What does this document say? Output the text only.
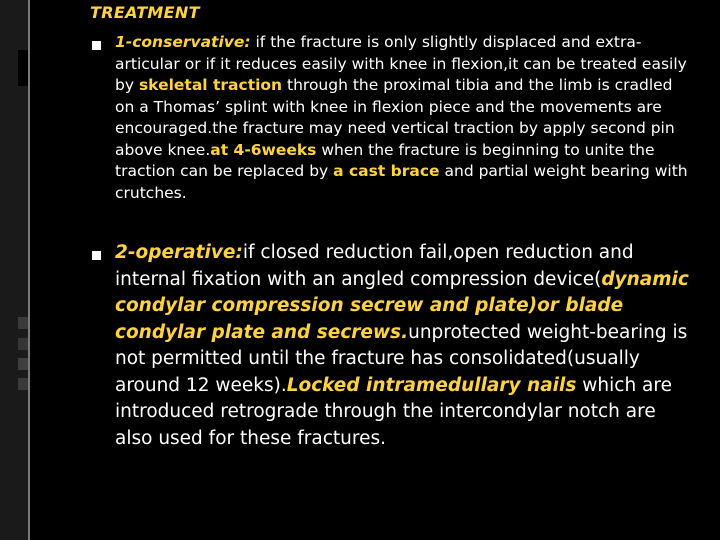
TREATMENT
1-conservative: if the fracture is only slightly displaced and extra-articular or if it reduces easily with knee in flexion,it can be treated easily by skeletal traction through the proximal tibia and the limb is cradled on a Thomas’ splint with knee in flexion piece and the movements are encouraged.the fracture may need vertical traction by apply second pin above knee.at 4-6weeks when the fracture is beginning to unite the traction can be replaced by a cast brace and partial weight bearing with crutches.
2-operative:if closed reduction fail,open reduction and internal fixation with an angled compression device(dynamic condylar compression secrew and plate)or blade condylar plate and secrews.unprotected weight-bearing is not permitted until the fracture has consolidated(usually around 12 weeks).Locked intramedullary nails which are introduced retrograde through the intercondylar notch are also used for these fractures.
